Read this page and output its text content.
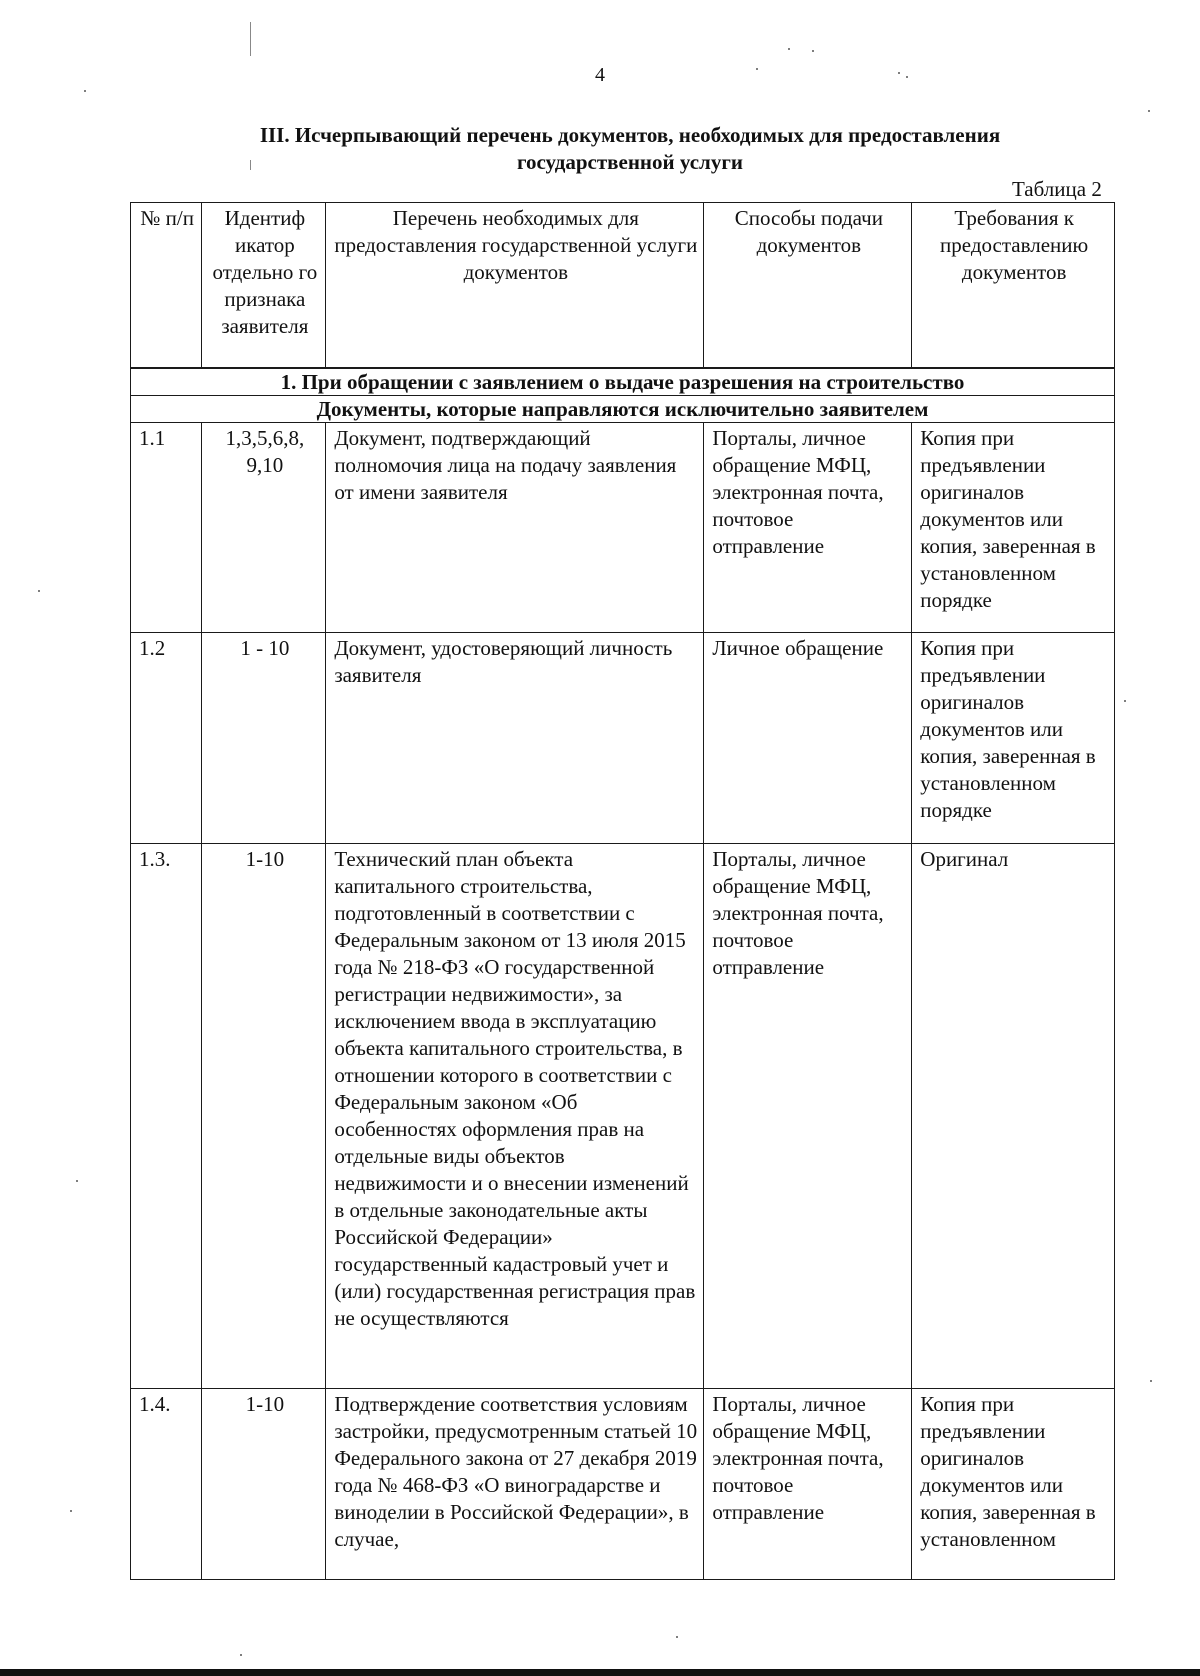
4
III. Исчерпывающий перечень документов, необходимых для предоставления
государственной услуги
Таблица 2
№ п/п	Идентиф икатор отдельно го признака заявителя	Перечень необходимых для предоставления государственной услуги документов	Способы подачи документов	Требования к предоставлению документов
1. При обращении с заявлением о выдаче разрешения на строительство				
Документы, которые направляются исключительно заявителем				
1.1	1,3,5,6,8, 9,10	Документ, подтверждающий полномочия лица на подачу заявления от имени заявителя	Порталы, личное обращение МФЦ, электронная почта, почтовое отправление	Копия при предъявлении оригиналов документов или копия, заверенная в установленном порядке
1.2	1 - 10	Документ, удостоверяющий личность заявителя	Личное обращение	Копия при предъявлении оригиналов документов или копия, заверенная в установленном порядке
1.3.	1-10	Технический план объекта капитального строительства, подготовленный в соответствии с Федеральным законом от 13 июля 2015 года № 218-ФЗ «О государственной регистрации недвижимости», за исключением ввода в эксплуатацию объекта капитального строительства, в отношении которого в соответствии с Федеральным законом «Об особенностях оформления прав на отдельные виды объектов недвижимости и о внесении изменений в отдельные законодательные акты Российской Федерации» государственный кадастровый учет и (или) государственная регистрация прав не осуществляются	Порталы, личное обращение МФЦ, электронная почта, почтовое отправление	Оригинал
1.4.	1-10	Подтверждение соответствия условиям застройки, предусмотренным статьей 10 Федерального закона от 27 декабря 2019 года № 468-ФЗ «О виноградарстве и виноделии в Российской Федерации», в случае,	Порталы, личное обращение МФЦ, электронная почта, почтовое отправление	Копия при предъявлении оригиналов документов или копия, заверенная в установленном
